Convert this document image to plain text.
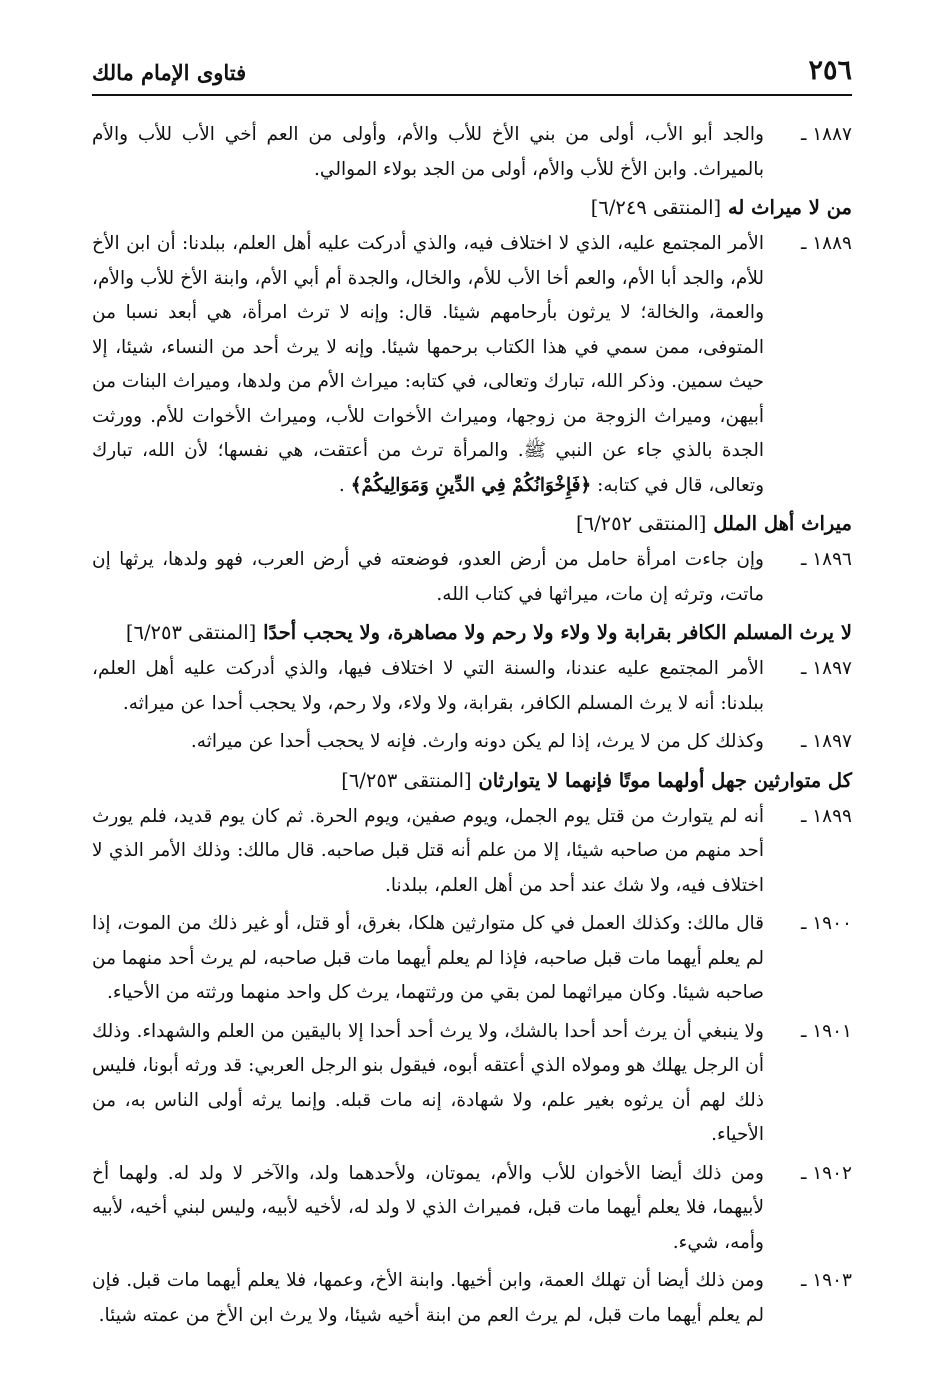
٢٥٦
فتاوى الإمام مالك
١٨٨٧ ـ
والجد أبو الأب، أولى من بني الأخ للأب والأم، وأولى من العم أخي الأب للأب والأم بالميراث. وابن الأخ للأب والأم، أولى من الجد بولاء الموالي.
من لا ميراث له [المنتقى ٦/٢٤٩]
١٨٨٩ ـ
الأمر المجتمع عليه، الذي لا اختلاف فيه، والذي أدركت عليه أهل العلم، ببلدنا: أن ابن الأخ للأم، والجد أبا الأم، والعم أخا الأب للأم، والخال، والجدة أم أبي الأم، وابنة الأخ للأب والأم، والعمة، والخالة؛ لا يرثون بأرحامهم شيئا. قال: وإنه لا ترث امرأة، هي أبعد نسبا من المتوفى، ممن سمي في هذا الكتاب برحمها شيئا. وإنه لا يرث أحد من النساء، شيئا، إلا حيث سمين. وذكر الله، تبارك وتعالى، في كتابه: ميراث الأم من ولدها، وميراث البنات من أبيهن، وميراث الزوجة من زوجها، وميراث الأخوات للأب، وميراث الأخوات للأم. وورثت الجدة بالذي جاء عن النبي ﷺ. والمرأة ترث من أعتقت، هي نفسها؛ لأن الله، تبارك وتعالى، قال في كتابه: ﴿فَإِخْوَانُكُمْ فِي الدِّينِ وَمَوَالِيكُمْ﴾ .
ميراث أهل الملل [المنتقى ٦/٢٥٢]
١٨٩٦ ـ
وإن جاءت امرأة حامل من أرض العدو، فوضعته في أرض العرب، فهو ولدها، يرثها إن ماتت، وترثه إن مات، ميراثها في كتاب الله.
لا يرث المسلم الكافر بقرابة ولا ولاء ولا رحم ولا مصاهرة، ولا يحجب أحدًا [المنتقى ٦/٢٥٣]
١٨٩٧ ـ
الأمر المجتمع عليه عندنا، والسنة التي لا اختلاف فيها، والذي أدركت عليه أهل العلم، ببلدنا: أنه لا يرث المسلم الكافر، بقرابة، ولا ولاء، ولا رحم، ولا يحجب أحدا عن ميراثه.
١٨٩٧ ـ
وكذلك كل من لا يرث، إذا لم يكن دونه وارث. فإنه لا يحجب أحدا عن ميراثه.
كل متوارثين جهل أولهما موتًا فإنهما لا يتوارثان [المنتقى ٦/٢٥٣]
١٨٩٩ ـ
أنه لم يتوارث من قتل يوم الجمل، ويوم صفين، ويوم الحرة. ثم كان يوم قديد، فلم يورث أحد منهم من صاحبه شيئا، إلا من علم أنه قتل قبل صاحبه. قال مالك: وذلك الأمر الذي لا اختلاف فيه، ولا شك عند أحد من أهل العلم، ببلدنا.
١٩٠٠ ـ
قال مالك: وكذلك العمل في كل متوارثين هلكا، بغرق، أو قتل، أو غير ذلك من الموت، إذا لم يعلم أيهما مات قبل صاحبه، فإذا لم يعلم أيهما مات قبل صاحبه، لم يرث أحد منهما من صاحبه شيئا. وكان ميراثهما لمن بقي من ورثتهما، يرث كل واحد منهما ورثته من الأحياء.
١٩٠١ ـ
ولا ينبغي أن يرث أحد أحدا بالشك، ولا يرث أحد أحدا إلا باليقين من العلم والشهداء. وذلك أن الرجل يهلك هو ومولاه الذي أعتقه أبوه، فيقول بنو الرجل العربي: قد ورثه أبونا، فليس ذلك لهم أن يرثوه بغير علم، ولا شهادة، إنه مات قبله. وإنما يرثه أولى الناس به، من الأحياء.
١٩٠٢ ـ
ومن ذلك أيضا الأخوان للأب والأم، يموتان، ولأحدهما ولد، والآخر لا ولد له. ولهما أخ لأبيهما، فلا يعلم أيهما مات قبل، فميراث الذي لا ولد له، لأخيه لأبيه، وليس لبني أخيه، لأبيه وأمه، شيء.
١٩٠٣ ـ
ومن ذلك أيضا أن تهلك العمة، وابن أخيها. وابنة الأخ، وعمها، فلا يعلم أيهما مات قبل. فإن لم يعلم أيهما مات قبل، لم يرث العم من ابنة أخيه شيئا، ولا يرث ابن الأخ من عمته شيئا.
